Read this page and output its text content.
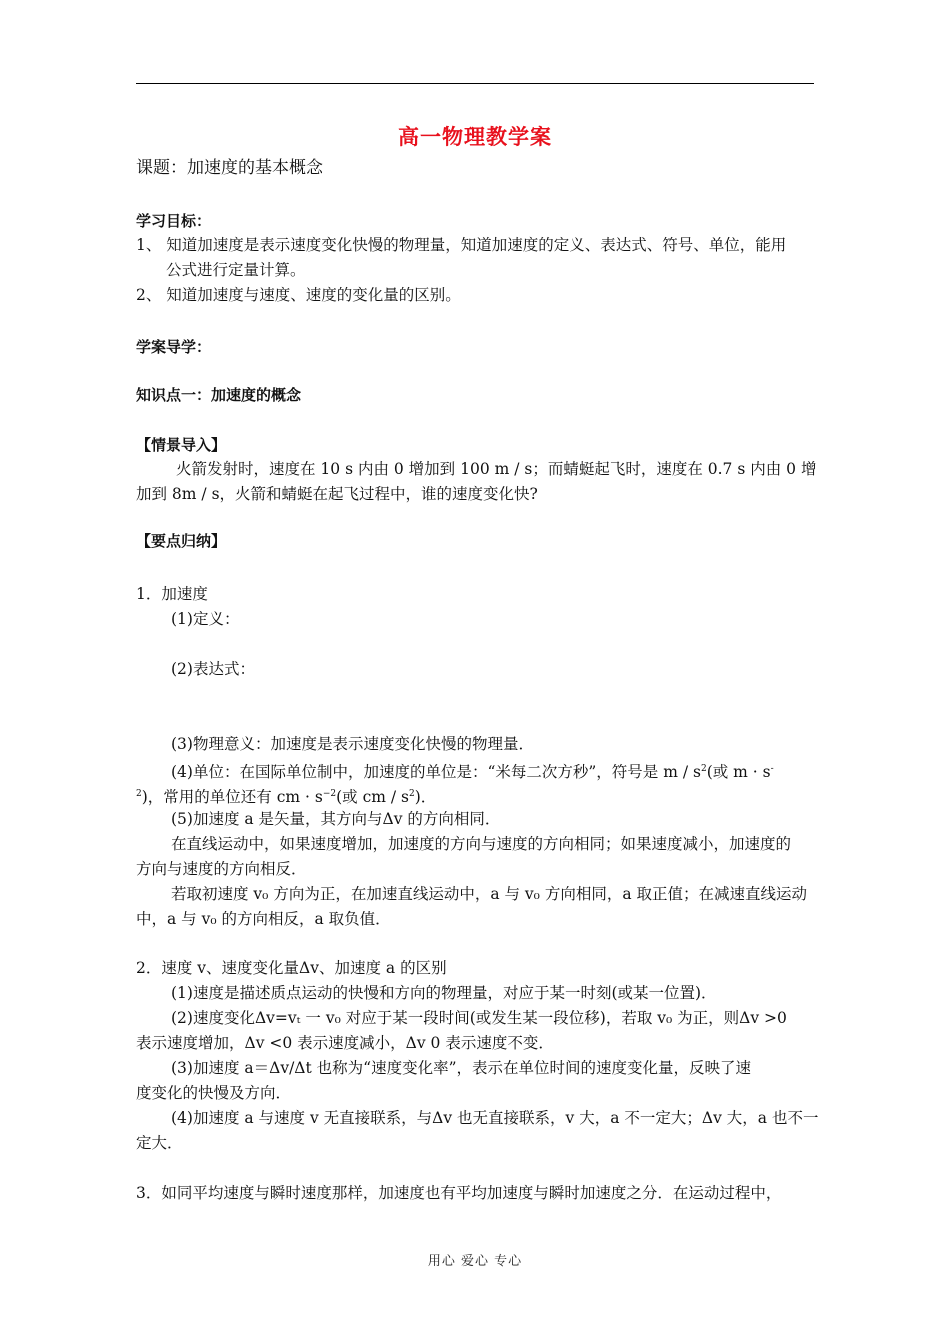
高一物理教学案
课题：加速度的基本概念
学习目标：
1、 知道加速度是表示速度变化快慢的物理量，知道加速度的定义、表达式、符号、单位，能用
公式进行定量计算。
2、 知道加速度与速度、速度的变化量的区别。
学案导学：
知识点一：加速度的概念
【情景导入】
火箭发射时，速度在 10 s 内由 0 增加到 100 m / s；而蜻蜓起飞时，速度在 0.7 s 内由 0 增
加到 8m / s，火箭和蜻蜓在起飞过程中，谁的速度变化快?
【要点归纳】
1．加速度
(1)定义：
(2)表达式：
(3)物理意义：加速度是表示速度变化快慢的物理量．
(4)单位：在国际单位制中，加速度的单位是：“米每二次方秒”，符号是 m / $s^2$(或 m · s-
$^2$)，常用的单位还有 cm · $s^{-2}$(或 cm / $s^2$)．
(5)加速度 a 是矢量，其方向与Δv 的方向相同．
在直线运动中，如果速度增加，加速度的方向与速度的方向相同；如果速度减小，加速度的
方向与速度的方向相反．
若取初速度 v₀ 方向为正，在加速直线运动中，a 与 v₀ 方向相同，a 取正值；在减速直线运动
中，a 与 v₀ 的方向相反，a 取负值．
2．速度 v、速度变化量Δv、加速度 a 的区别
(1)速度是描述质点运动的快慢和方向的物理量，对应于某一时刻(或某一位置)．
(2)速度变化Δv=vₜ 一 v₀ 对应于某一段时间(或发生某一段位移)，若取 v₀ 为正，则Δv >0
表示速度增加，Δv <0 表示速度减小，Δv 0 表示速度不变．
(3)加速度 a＝Δv/Δt 也称为“速度变化率”，表示在单位时间的速度变化量，反映了速
度变化的快慢及方向．
(4)加速度 a 与速度 v 无直接联系，与Δv 也无直接联系，v 大，a 不一定大；Δv 大，a 也不一
定大．
3．如同平均速度与瞬时速度那样，加速度也有平均加速度与瞬时加速度之分．在运动过程中，
用心 爱心 专心
